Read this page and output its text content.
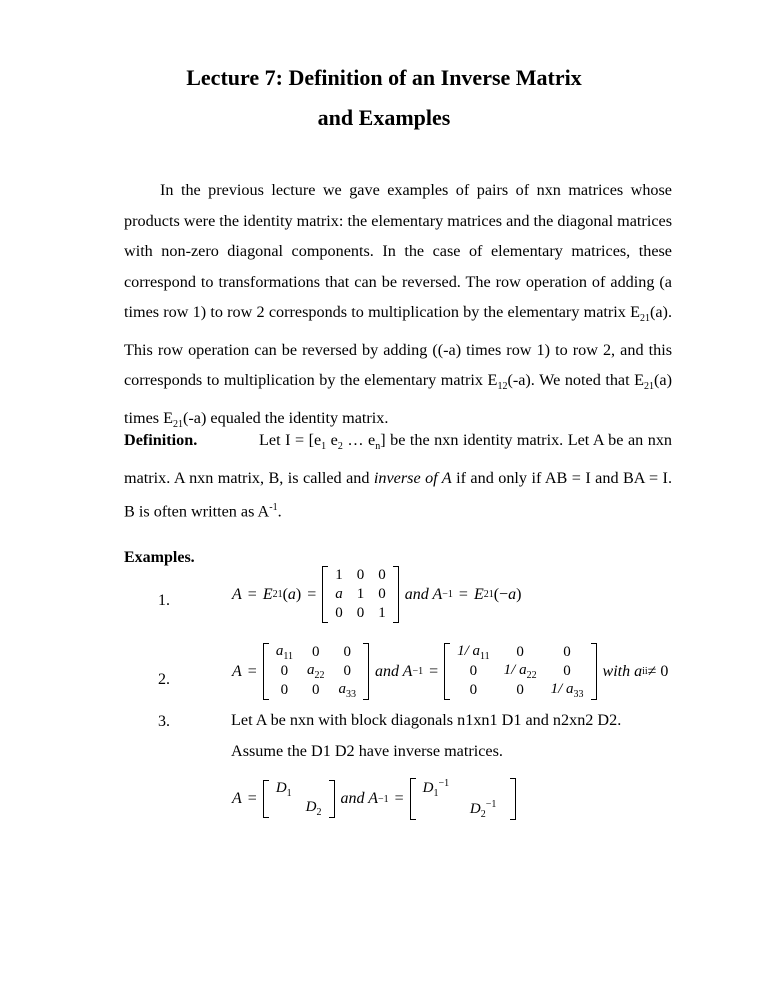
Lecture 7: Definition of an Inverse Matrix
and Examples

In the previous lecture we gave examples of pairs of nxn matrices whose products were the identity matrix: the elementary matrices and the diagonal matrices with non-zero diagonal components. In the case of elementary matrices, these correspond to transformations that can be reversed. The row operation of adding (a times row 1) to row 2 corresponds to multiplication by the elementary matrix $E_{21}(a)$. This row operation can be reversed by adding ((-a) times row 1) to row 2, and this corresponds to multiplication by the elementary matrix $E_{12}(-a)$. We noted that $E_{21}(a)$ times $E_{21}(-a)$ equaled the identity matrix.

Definition.	Let $I = [e_1$ $e_2$ … $e_n$] be the nxn identity matrix. Let A be an nxn matrix. A nxn matrix, B, is called and inverse of A if and only if AB = I and BA = I. B is often written as $A^{-1}$.

Examples.
1.	A = E 21 ( a ) =
1	0	0
a	1	0
0	0	1
and A −1 = E 21 (− a )
2.	A =
$a_{11}$	0	0
0	$a_{22}$	0
0	0	$a_{33}$
and A −1 =
1/ $a_{11}$	0	0
0	1/ $a_{22}$	0
0	0	1/ $a_{33}$
with a ii ≠ 0
3.	Let A be nxn with block diagonals n1xn1 D1 and n2xn2 D2. Assume the D1 D2 have inverse matrices.

A =
$D_1$	
	$D_2$
and A −1 =
$D_1^{-1}$	
	$D_2^{-1}$
